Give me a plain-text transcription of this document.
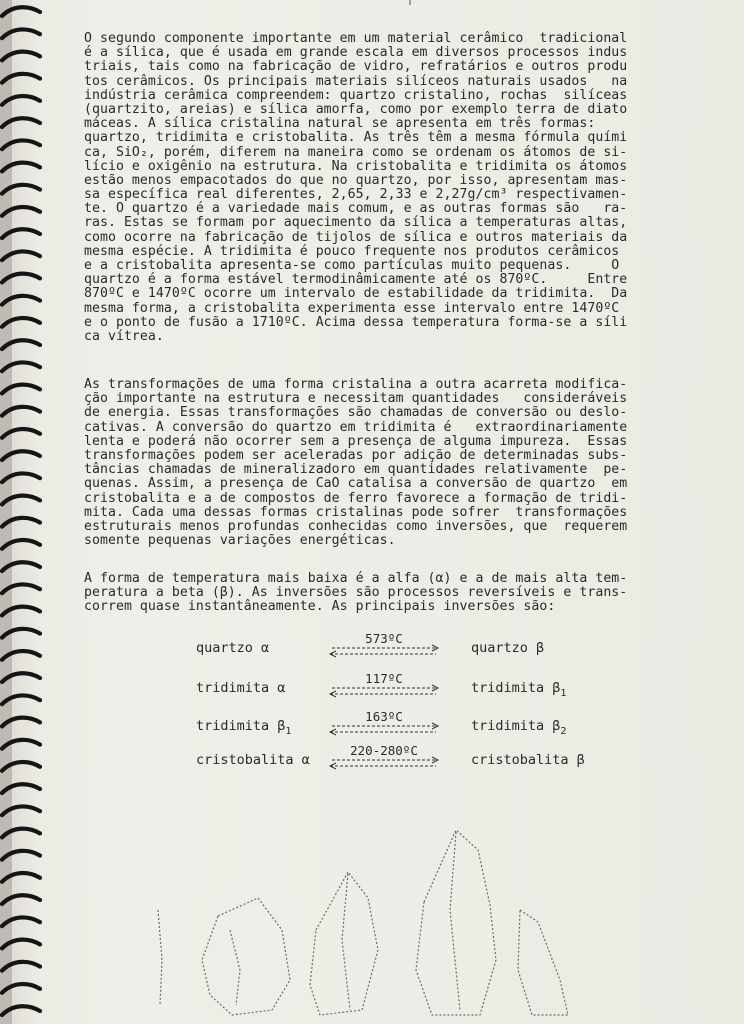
O segundo componente importante em um material cerâmico  tradicional
é a sílica, que é usada em grande escala em diversos processos indus
triais, tais como na fabricação de vidro, refratários e outros produ
tos cerâmicos. Os principais materiais silíceos naturais usados   na
indústria cerâmica compreendem: quartzo cristalino, rochas  silíceas
(quartzito, areias) e sílica amorfa, como por exemplo terra de diato
máceas. A sílica cristalina natural se apresenta em três formas:
quartzo, tridimita e cristobalita. As três têm a mesma fórmula quími
ca, SiO₂, porém, diferem na maneira como se ordenam os átomos de si-
lício e oxigênio na estrutura. Na cristobalita e tridimita os átomos
estão menos empacotados do que no quartzo, por isso, apresentam mas-
sa específica real diferentes, 2,65, 2,33 e 2,27g/cm³ respectivamen-
te. O quartzo é a variedade mais comum, e as outras formas são   ra-
ras. Estas se formam por aquecimento da sílica a temperaturas altas,
como ocorre na fabricação de tijolos de sílica e outros materiais da
mesma espécie. A tridimita é pouco frequente nos produtos cerâmicos
e a cristobalita apresenta-se como partículas muito pequenas.     O
quartzo é a forma estável termodinâmicamente até os 870ºC.     Entre
870ºC e 1470ºC ocorre um intervalo de estabilidade da tridimita.  Da
mesma forma, a cristobalita experimenta esse intervalo entre 1470ºC
e o ponto de fusão a 1710ºC. Acima dessa temperatura forma-se a síli
ca vítrea.
As transformações de uma forma cristalina a outra acarreta modifica-
ção importante na estrutura e necessitam quantidades   consideráveis
de energia. Essas transformações são chamadas de conversão ou deslo-
cativas. A conversão do quartzo em tridimita é   extraordinariamente
lenta e poderá não ocorrer sem a presença de alguma impureza.  Essas
transformações podem ser aceleradas por adição de determinadas subs-
tâncias chamadas de mineralizadoro em quantidades relativamente  pe-
quenas. Assim, a presença de CaO catalisa a conversão de quartzo  em
cristobalita e a de compostos de ferro favorece a formação de tridi-
mita. Cada uma dessas formas cristalinas pode sofrer  transformações
estruturais menos profundas conhecidas como inversões, que  requerem
somente pequenas variações energéticas.
A forma de temperatura mais baixa é a alfa (α) e a de mais alta tem-
peratura a beta (β). As inversões são processos reversíveis e trans-
correm quase instantâneamente. As principais inversões são:
quartzo α
573ºC
quartzo β
tridimita α
117ºC
tridimita $\beta_1$
tridimita $\beta_1$
163ºC
tridimita $\beta_2$
cristobalita α
220-280ºC
cristobalita β
